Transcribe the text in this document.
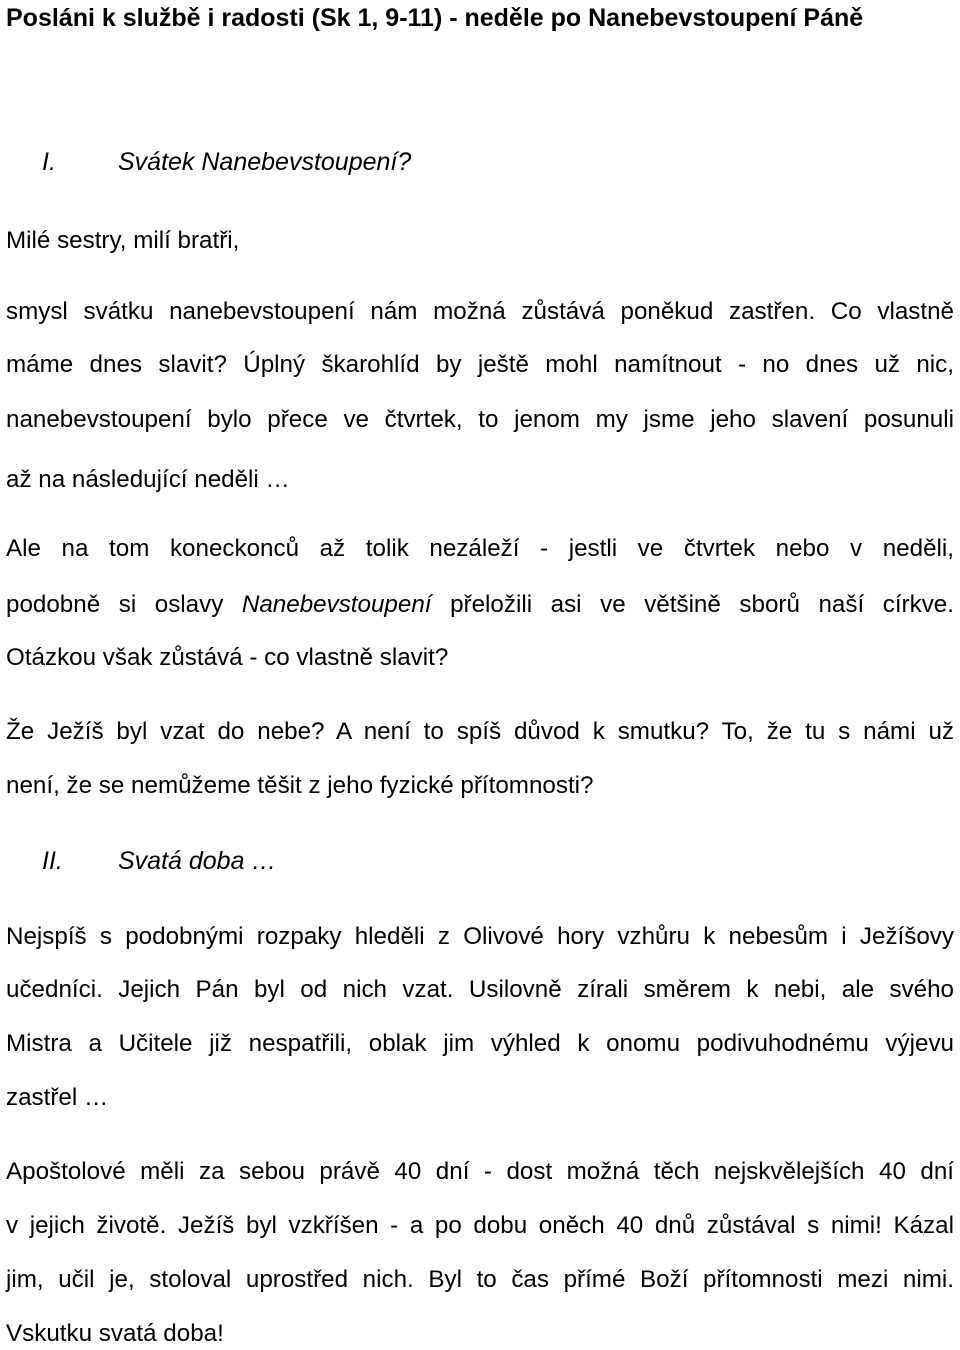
Posláni k službě i radosti (Sk 1, 9-11) - neděle po Nanebevstoupení Páně
I. Svátek Nanebevstoupení?
Milé sestry, milí bratři,
smysl svátku nanebevstoupení nám možná zůstává poněkud zastřen. Co vlastně
máme dnes slavit? Úplný škarohlíd by ještě mohl namítnout - no dnes už nic,
nanebevstoupení bylo přece ve čtvrtek, to jenom my jsme jeho slavení posunuli
až na následující neděli …
Ale na tom koneckonců až tolik nezáleží - jestli ve čtvrtek nebo v neděli,
podobně si oslavy Nanebevstoupení přeložili asi ve většině sborů naší církve.
Otázkou však zůstává - co vlastně slavit?
Že Ježíš byl vzat do nebe? A není to spíš důvod k smutku? To, že tu s námi už
není, že se nemůžeme těšit z jeho fyzické přítomnosti?
II. Svatá doba …
Nejspíš s podobnými rozpaky hleděli z Olivové hory vzhůru k nebesům i Ježíšovy
učedníci. Jejich Pán byl od nich vzat. Usilovně zírali směrem k nebi, ale svého
Mistra a Učitele již nespatřili, oblak jim výhled k onomu podivuhodnému výjevu
zastřel …
Apoštolové měli za sebou právě 40 dní - dost možná těch nejskvělejších 40 dní
v jejich životě. Ježíš byl vzkříšen - a po dobu oněch 40 dnů zůstával s nimi! Kázal
jim, učil je, stoloval uprostřed nich. Byl to čas přímé Boží přítomnosti mezi nimi.
Vskutku svatá doba!
